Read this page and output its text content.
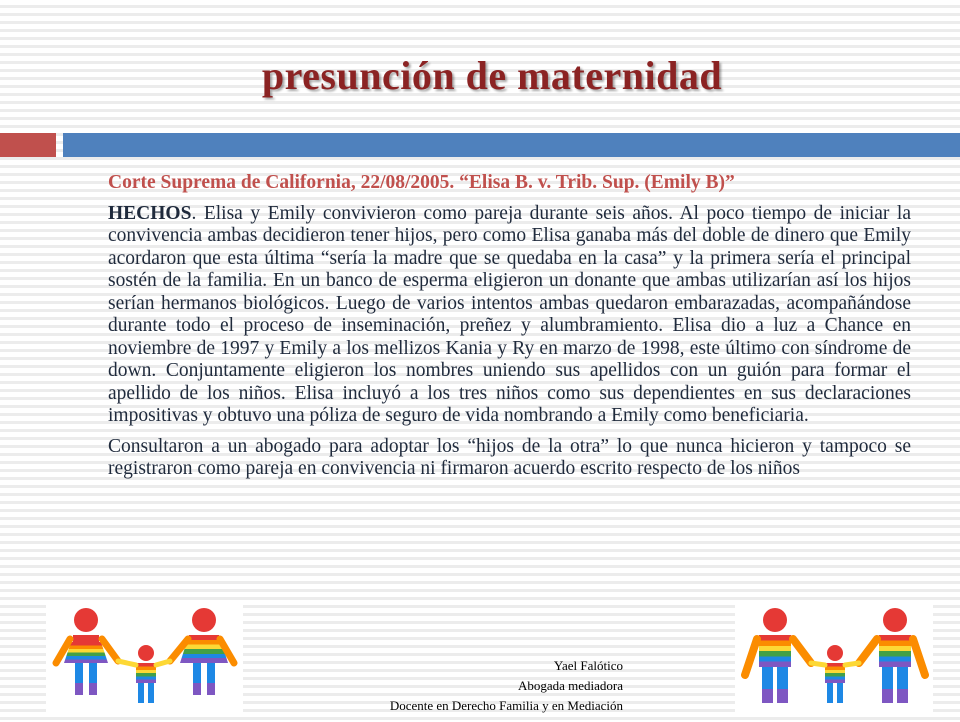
presunción de maternidad

Corte Suprema de California, 22/08/2005. “Elisa B. v. Trib. Sup. (Emily B)”

HECHOS. Elisa y Emily convivieron como pareja durante seis años. Al poco tiempo de iniciar la convivencia ambas decidieron tener hijos, pero como Elisa ganaba más del doble de dinero que Emily acordaron que esta última “sería la madre que se quedaba en la casa” y la primera sería el principal sostén de la familia. En un banco de esperma eligieron un donante que ambas utilizarían así los hijos serían hermanos biológicos. Luego de varios intentos ambas quedaron embarazadas, acompañándose durante todo el proceso de inseminación, preñez y alumbramiento. Elisa dio a luz a Chance en noviembre de 1997 y Emily a los mellizos Kania y Ry en marzo de 1998, este último con síndrome de down. Conjuntamente eligieron los nombres uniendo sus apellidos con un guión para formar el apellido de los niños. Elisa incluyó a los tres niños como sus dependientes en sus declaraciones impositivas y obtuvo una póliza de seguro de vida nombrando a Emily como beneficiaria.

Consultaron a un abogado para adoptar los “hijos de la otra” lo que nunca hicieron y tampoco se registraron como pareja en convivencia ni firmaron acuerdo escrito respecto de los niños

Yael Falótico
Abogada mediadora
Docente en Derecho Familia y en Mediación
